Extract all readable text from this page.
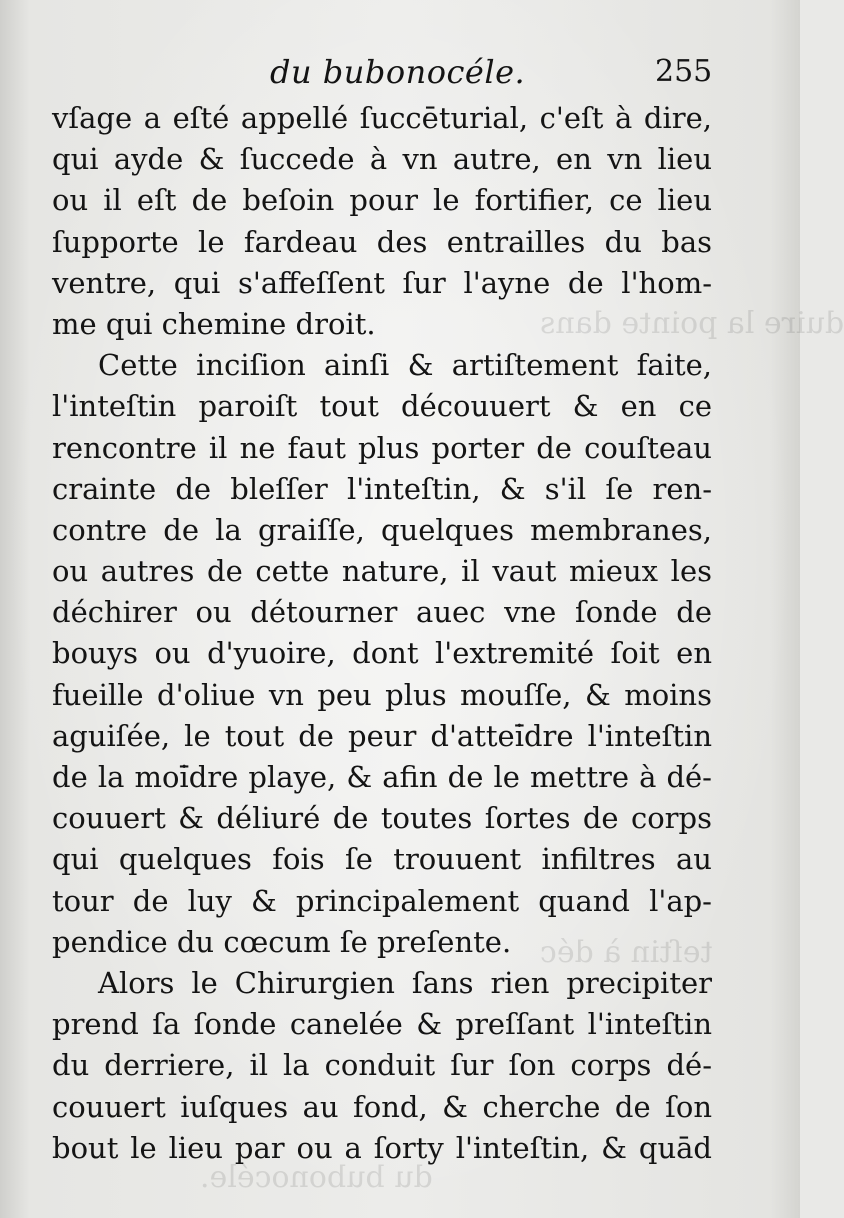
duire la pointe dans
teſtin à déc
du bubonocéle.
du bubonocéle.	255
vſage a eſté appellé ſuccēturial, c'eſt à dire,
qui ayde & ſuccede à vn autre, en vn lieu
ou il eſt de beſoin pour le fortifier, ce lieu
ſupporte le fardeau des entrailles du bas
ventre, qui s'affeſſent ſur l'ayne de l'hom-
me qui chemine droit.
Cette inciſion ainſi & artiſtement faite,
l'inteſtin paroiſt tout découuert & en ce
rencontre il ne faut plus porter de couſteau
crainte de bleſſer l'inteſtin, & s'il ſe ren-
contre de la graiſſe, quelques membranes,
ou autres de cette nature, il vaut mieux les
déchirer ou détourner auec vne ſonde de
bouys ou d'yuoire, dont l'extremité ſoit en
fueille d'oliue vn peu plus mouſſe, & moins
aguiſée, le tout de peur d'attei̇̄dre l'inteſtin
de la moi̇̄dre playe, & afin de le mettre à dé-
couuert & déliuré de toutes ſortes de corps
qui quelques fois ſe trouuent infiltres au
tour de luy & principalement quand l'ap-
pendice du cœcum ſe preſente.
Alors le Chirurgien ſans rien precipiter
prend ſa ſonde canelée & preſſant l'inteſtin
du derriere, il la conduit ſur ſon corps dé-
couuert iuſques au fond, & cherche de ſon
bout le lieu par ou a ſorty l'inteſtin, & quād
